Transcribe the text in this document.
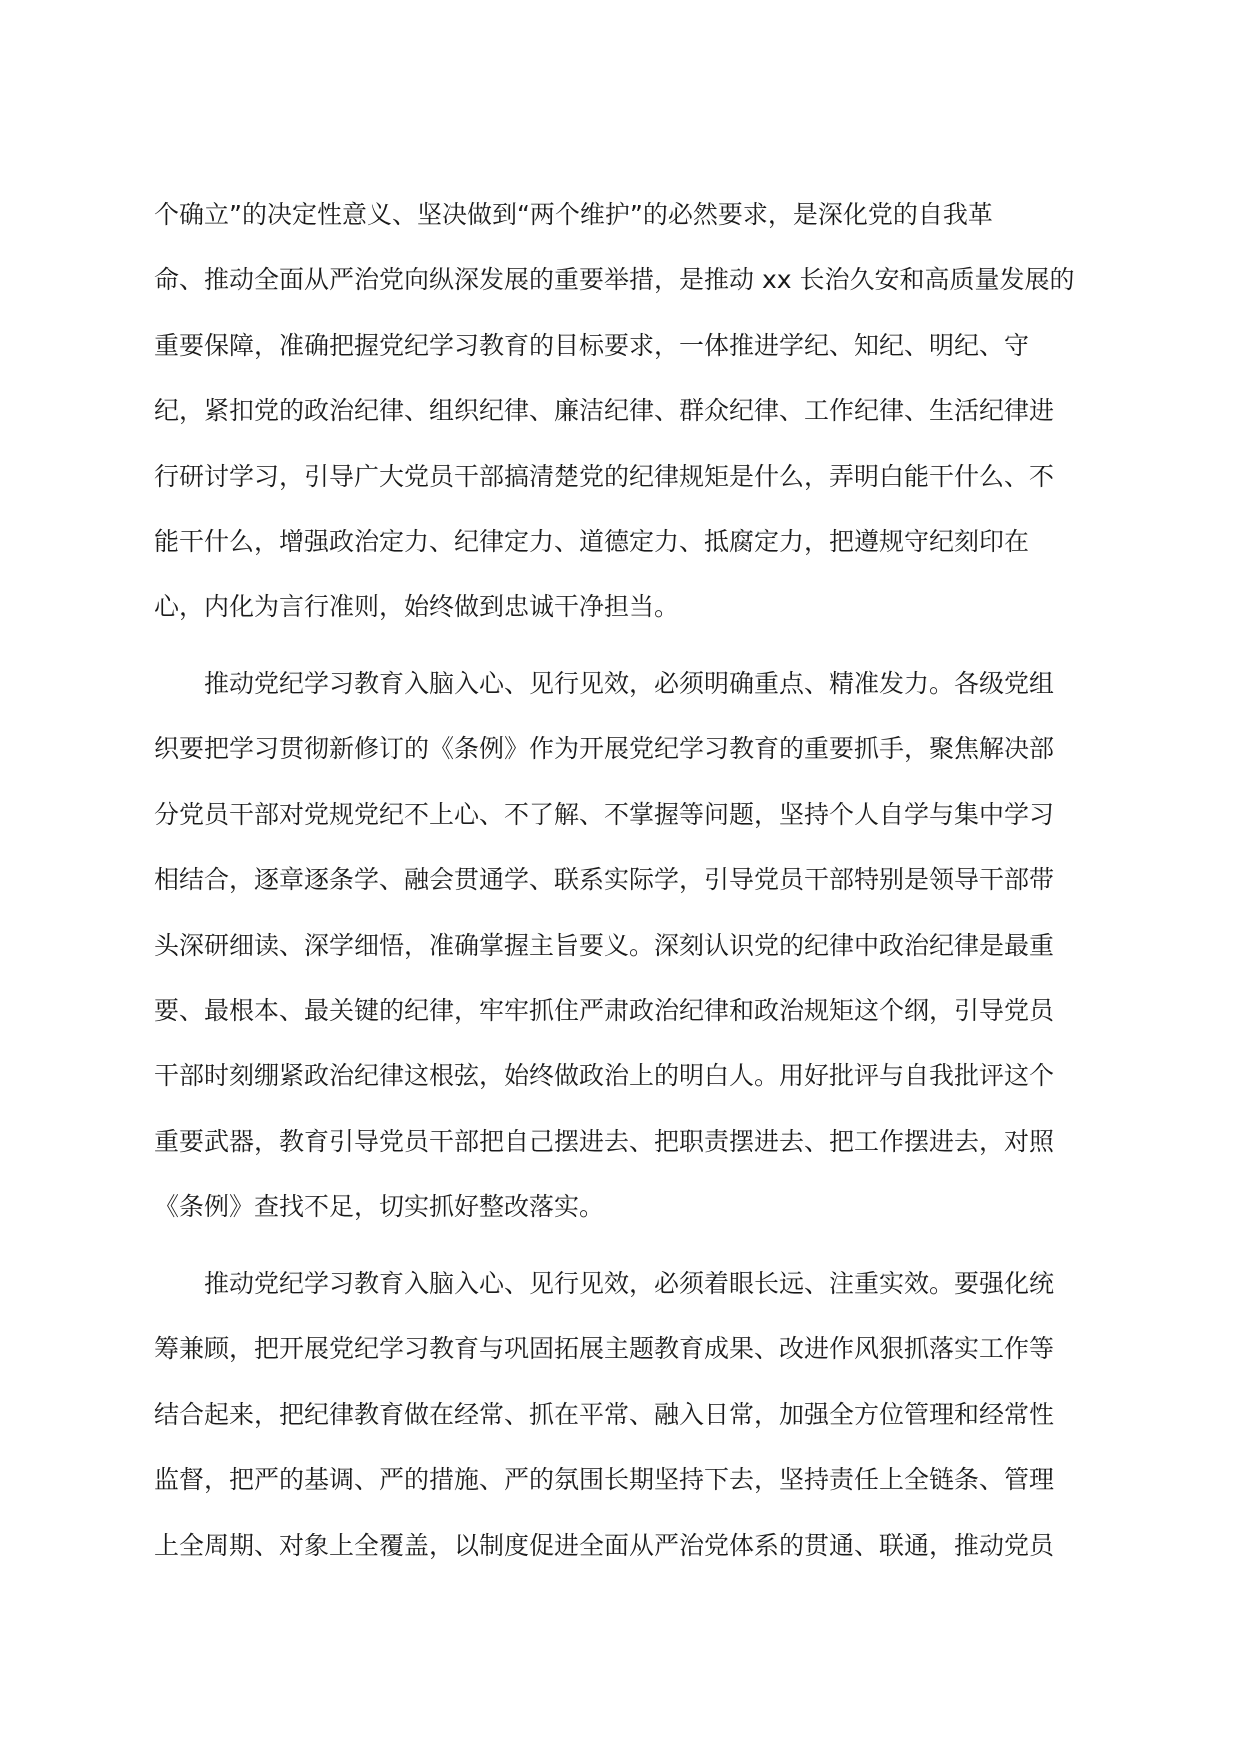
个确立”的决定性意义、坚决做到“两个维护”的必然要求，是深化党的自我革
命、推动全面从严治党向纵深发展的重要举措，是推动 xx 长治久安和高质量发展的
重要保障，准确把握党纪学习教育的目标要求，一体推进学纪、知纪、明纪、守
纪，紧扣党的政治纪律、组织纪律、廉洁纪律、群众纪律、工作纪律、生活纪律进
行研讨学习，引导广大党员干部搞清楚党的纪律规矩是什么，弄明白能干什么、不
能干什么，增强政治定力、纪律定力、道德定力、抵腐定力，把遵规守纪刻印在
心，内化为言行准则，始终做到忠诚干净担当。
推动党纪学习教育入脑入心、见行见效，必须明确重点、精准发力。各级党组
织要把学习贯彻新修订的《条例》作为开展党纪学习教育的重要抓手，聚焦解决部
分党员干部对党规党纪不上心、不了解、不掌握等问题，坚持个人自学与集中学习
相结合，逐章逐条学、融会贯通学、联系实际学，引导党员干部特别是领导干部带
头深研细读、深学细悟，准确掌握主旨要义。深刻认识党的纪律中政治纪律是最重
要、最根本、最关键的纪律，牢牢抓住严肃政治纪律和政治规矩这个纲，引导党员
干部时刻绷紧政治纪律这根弦，始终做政治上的明白人。用好批评与自我批评这个
重要武器，教育引导党员干部把自己摆进去、把职责摆进去、把工作摆进去，对照
《条例》查找不足，切实抓好整改落实。
推动党纪学习教育入脑入心、见行见效，必须着眼长远、注重实效。要强化统
筹兼顾，把开展党纪学习教育与巩固拓展主题教育成果、改进作风狠抓落实工作等
结合起来，把纪律教育做在经常、抓在平常、融入日常，加强全方位管理和经常性
监督，把严的基调、严的措施、严的氛围长期坚持下去，坚持责任上全链条、管理
上全周期、对象上全覆盖，以制度促进全面从严治党体系的贯通、联通，推动党员
